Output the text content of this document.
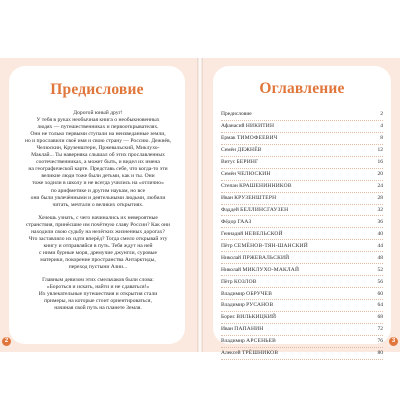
Предисловие

Дорогой юный друг!
У тебя в руках необычная книга о необыкновенных
людях — путешественниках и первооткрывателях.
Они не только первыми ступали на неизведанные земли,
но и прославили своё имя и свою страну — Россию. Дежнёв,
Челюскин, Крузенштерн, Пржевальский, Миклухо-
Маклай... Ты наверняка слышал об этих прославленных
соотечественниках, а может быть, и видел их имена
на географической карте. Представь себе, что когда-то эти
великие люди тоже были детьми, как и ты. Они
тоже ходили в школу и не всегда учились на «отлично»
по арифметике и другим наукам, но все
они были увлечёнными и деятельными людьми, любили
читать, мечтали о великих открытиях.

Хочешь узнать, с чего начинались их невероятные
странствия, принёсшие им почётную славу России? Как они
находили свою судьбу на нелёгких жизненных дорогах?
Что заставляло их идти вперёд? Тогда смело открывай эту
книгу и отправляйся в путь. Тебя ждут на ней
с ними бурные моря, дремучие джунгли, суровые
материки, покорение пространства Антарктиды,
переход пустыни Азии...

Главным девизом этих смельчаков были слова:
«Бороться и искать, найти и не сдаваться!»
Их увлекательные путешествия и открытия стали
примеры, на которые стоит ориентироваться,
начиная свой путь на планете Земля.

2
Оглавление
Предисловие	2
Афанасий НИКИТИН	4
Ермак ТИМОФЕЕВИЧ	8
Семён ДЕЖНЁВ	12
Витус БЕРИНГ	16
Семён ЧЕЛЮСКИН	20
Степан КРАШЕНИННИКОВ	24
Иван КРУЗЕНШТЕРН	28
Фаддей БЕЛЛИНСГАУЗЕН	32
Фёдор ГААЗ	36
Геннадий НЕВЕЛЬСКОЙ	40
Пётр СЕМЁНОВ-ТЯН-ШАНСКИЙ	44
Николай ПРЖЕВАЛЬСКИЙ	48
Николай МИКЛУХО-МАКЛАЙ	52
Пётр КОЗЛОВ	56
Владимир ОБРУЧЕВ	60
Владимир РУСАНОВ	64
Борис ВИЛЬКИЦКИЙ	68
Иван ПАПАНИН	72
Владимир АРСЕНЬЕВ	76
Алексей ТРЁШНИКОВ	80
3
